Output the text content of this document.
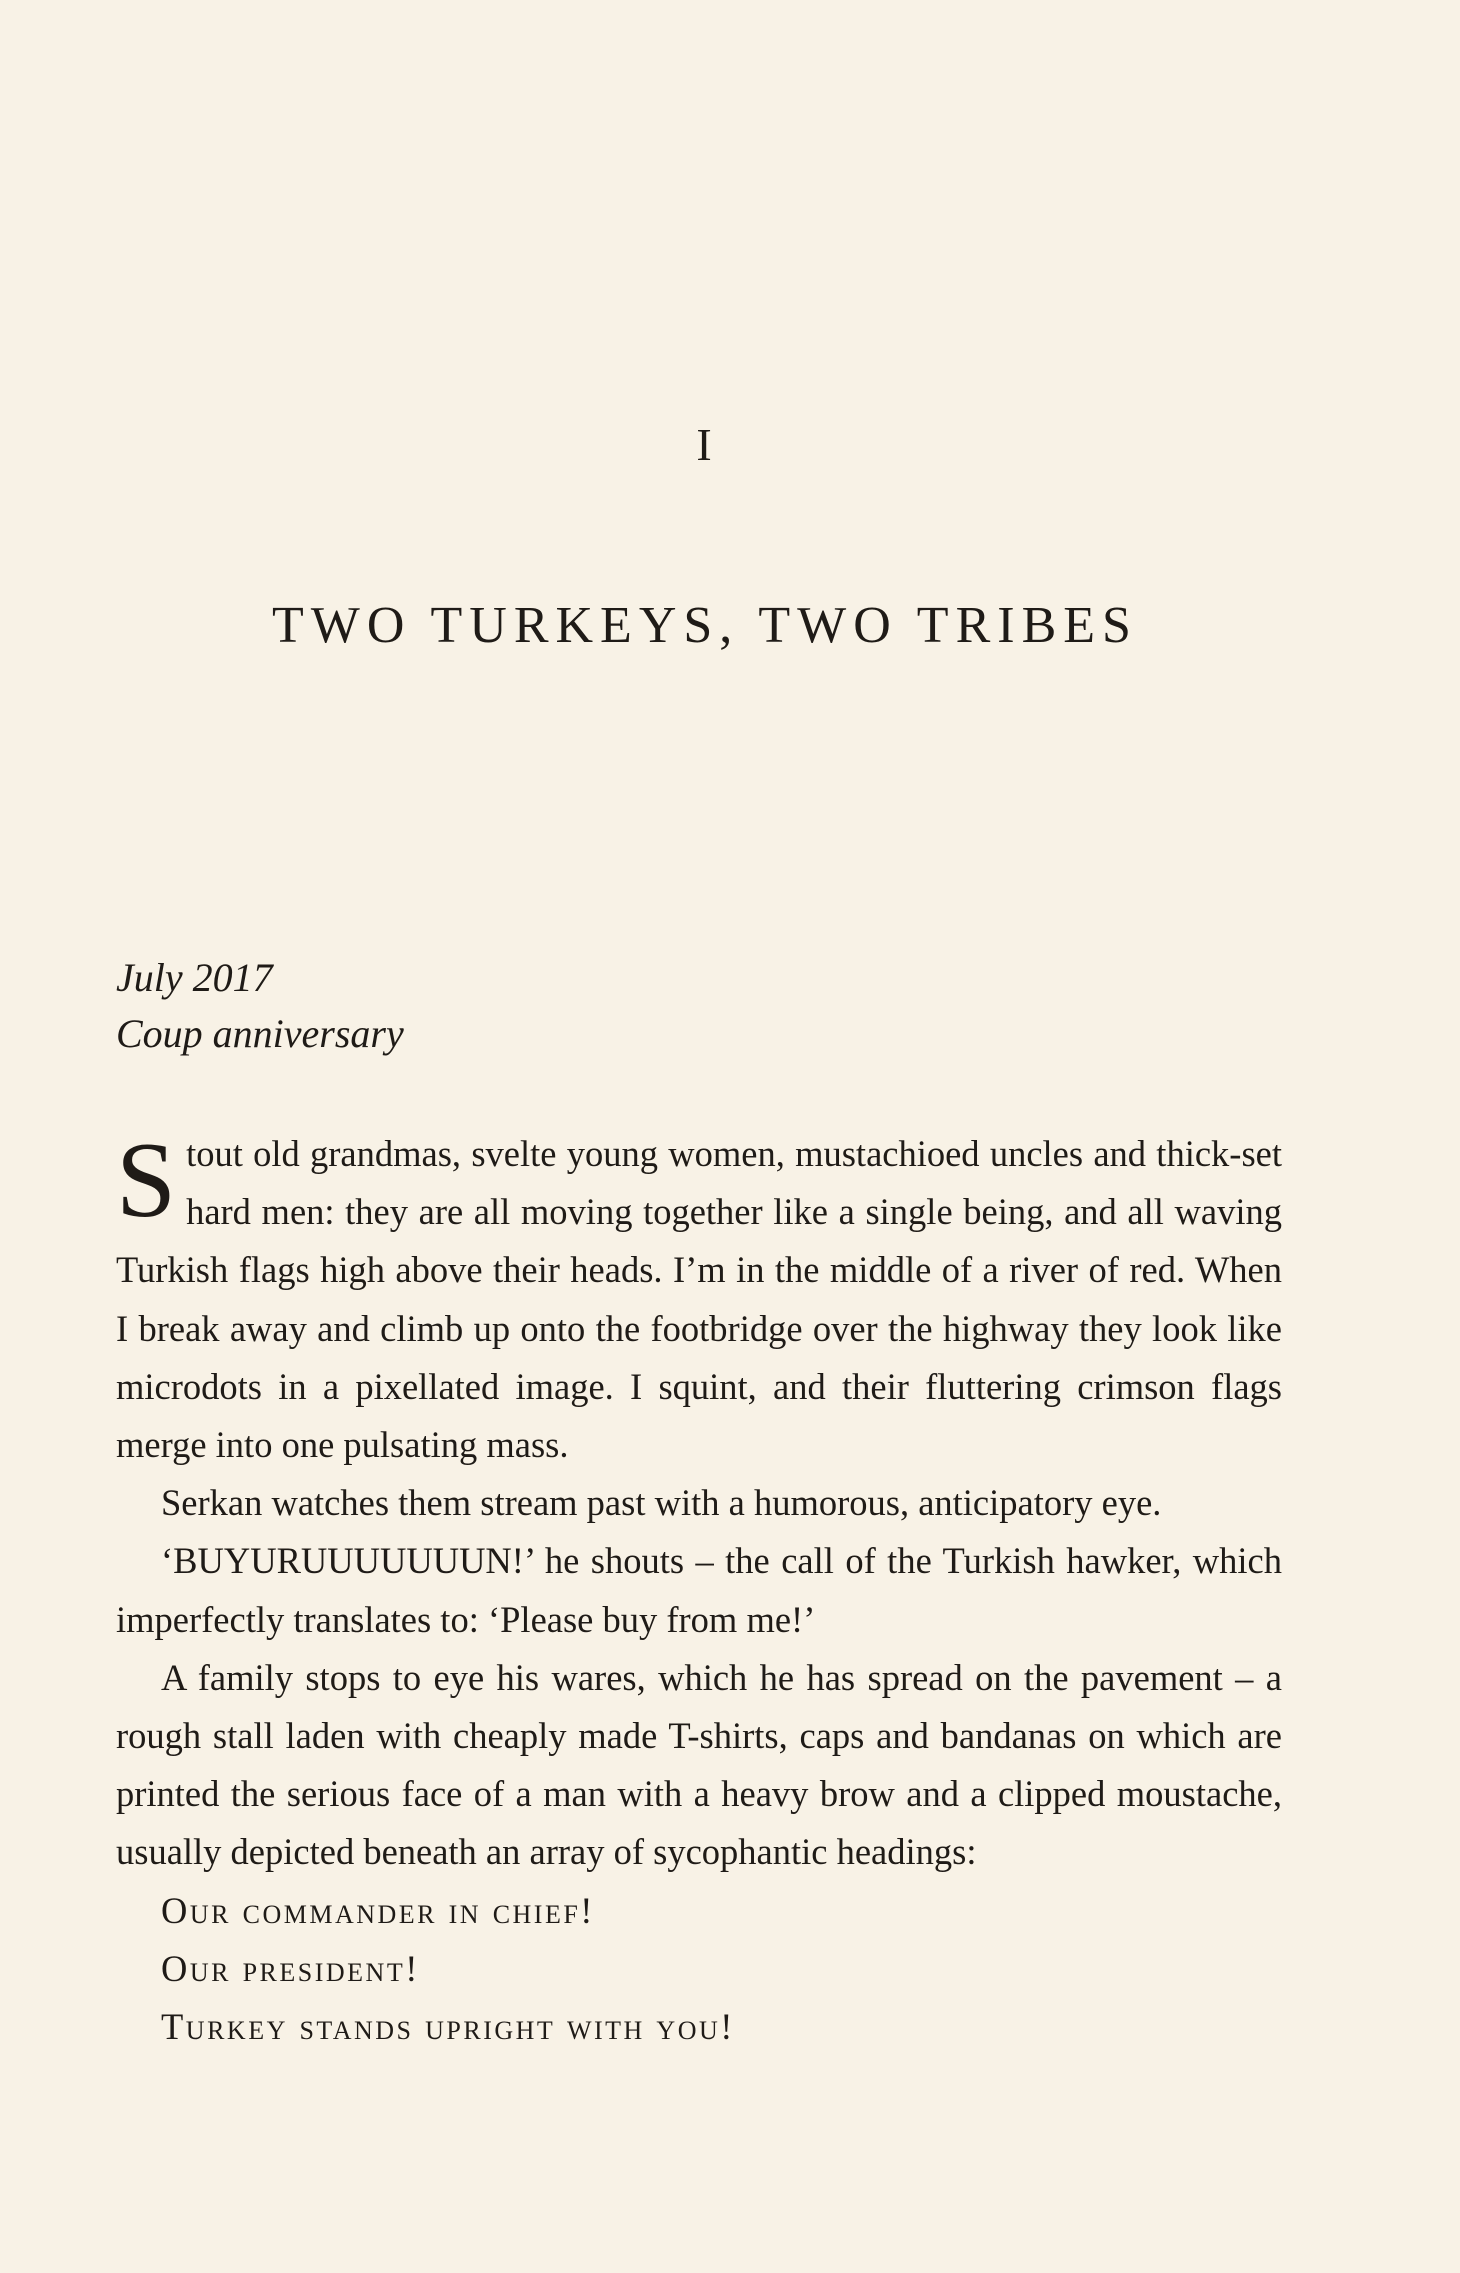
I
TWO TURKEYS, TWO TRIBES
July 2017
Coup anniversary

Stout old grandmas, svelte young women, mustachioed uncles and thick-set hard men: they are all moving together like a single being, and all waving Turkish flags high above their heads. I’m in the middle of a river of red. When I break away and climb up onto the footbridge over the highway they look like microdots in a pixellated image. I squint, and their fluttering crimson flags merge into one pulsating mass.

Serkan watches them stream past with a humorous, anticipatory eye.

‘BUYURUUUUUUUN!’ he shouts – the call of the Turkish hawker, which imperfectly translates to: ‘Please buy from me!’

A family stops to eye his wares, which he has spread on the pavement – a rough stall laden with cheaply made T-shirts, caps and bandanas on which are printed the serious face of a man with a heavy brow and a clipped moustache, usually depicted beneath an array of sycophantic headings:

Our commander in chief!

Our president!

Turkey stands upright with you!
